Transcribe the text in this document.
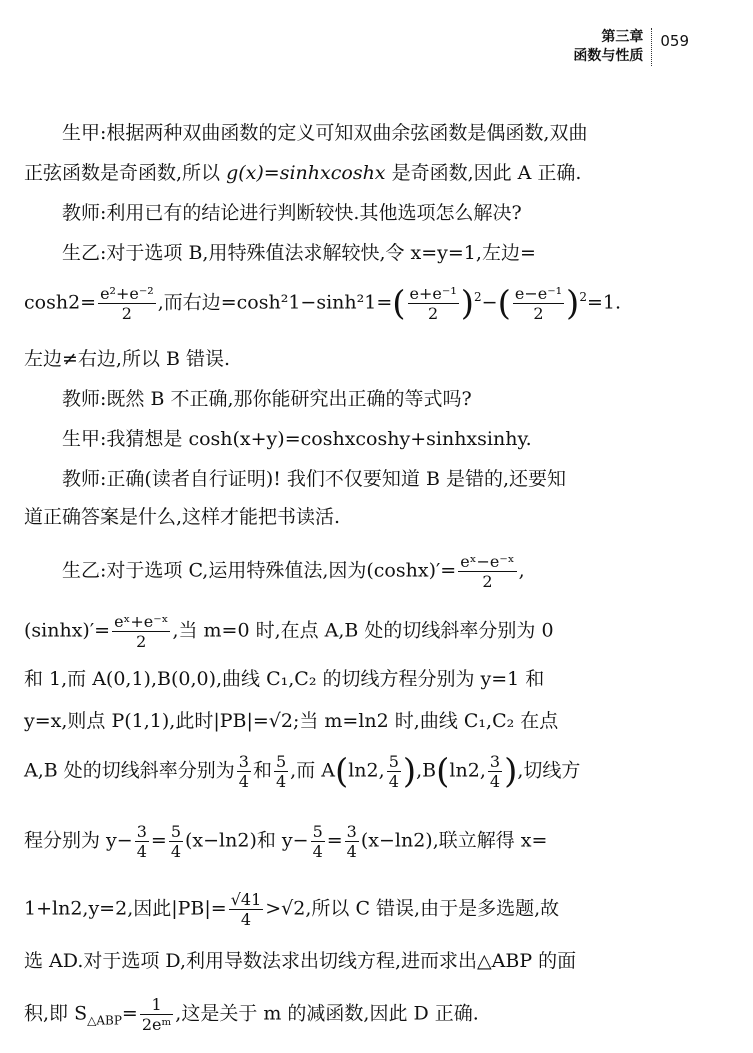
第三章
函数与性质
059
生甲:根据两种双曲函数的定义可知双曲余弦函数是偶函数,双曲
正弦函数是奇函数,所以 g(x)=sinhxcoshx 是奇函数,因此 A 正确.
教师:利用已有的结论进行判断较快.其他选项怎么解决?
生乙:对于选项 B,用特殊值法求解较快,令 x=y=1,左边=
$\cosh 2= \frac{\text{e²+e⁻²}}{2}$ ,而右边$=\cosh^21-\sinh^21=( \frac{\text{e+e⁻¹}}{2} )^2-( \frac{\text{e−e⁻¹}}{2} )^2=1$.
左边≠右边,所以 B 错误.
教师:既然 B 不正确,那你能研究出正确的等式吗?
生甲:我猜想是 cosh(x+y)=coshxcoshy+sinhxsinhy.
教师:正确(读者自行证明)! 我们不仅要知道 B 是错的,还要知
道正确答案是什么,这样才能把书读活.
生乙:对于选项 C,运用特殊值法,因为$(\cosh x)'= \frac{\text{eˣ−e⁻ˣ}}{2}$ ,
$(\sinh x)'= \frac{\text{eˣ+e⁻ˣ}}{2}$ ,当 m=0 时,在点 A,B 处的切线斜率分别为 0
和 1,而 A(0,1),B(0,0),曲线 C₁,C₂ 的切线方程分别为 y=1 和
y=x,则点 P(1,1),此时|PB|=√2;当 m=ln2 时,曲线 C₁,C₂ 在点
A,B 处的切线斜率分别为 $\frac{3}{4}$ 和 $\frac{5}{4}$ ,而 A(ln2, $\frac{5}{4} ),B(\ln 2$, $\frac{3}{4}$ ),切线方
程分别为 $y- \frac{3}{4} = \frac{5}{4} (x-\ln 2)$和 $y- \frac{5}{4} = \frac{3}{4} (x-\ln 2)$,联立解得 x=
1+ln2,y=2,因此$|PB|= \frac{√41}{4} >√2$,所以 C 错误,由于是多选题,故
选 AD.对于选项 D,利用导数法求出切线方程,进而求出△ABP 的面
积,即 $S_{\triangle ABP}= \frac{1}{\text{2eᵐ}}$ ,这是关于 m 的减函数,因此 D 正确.
